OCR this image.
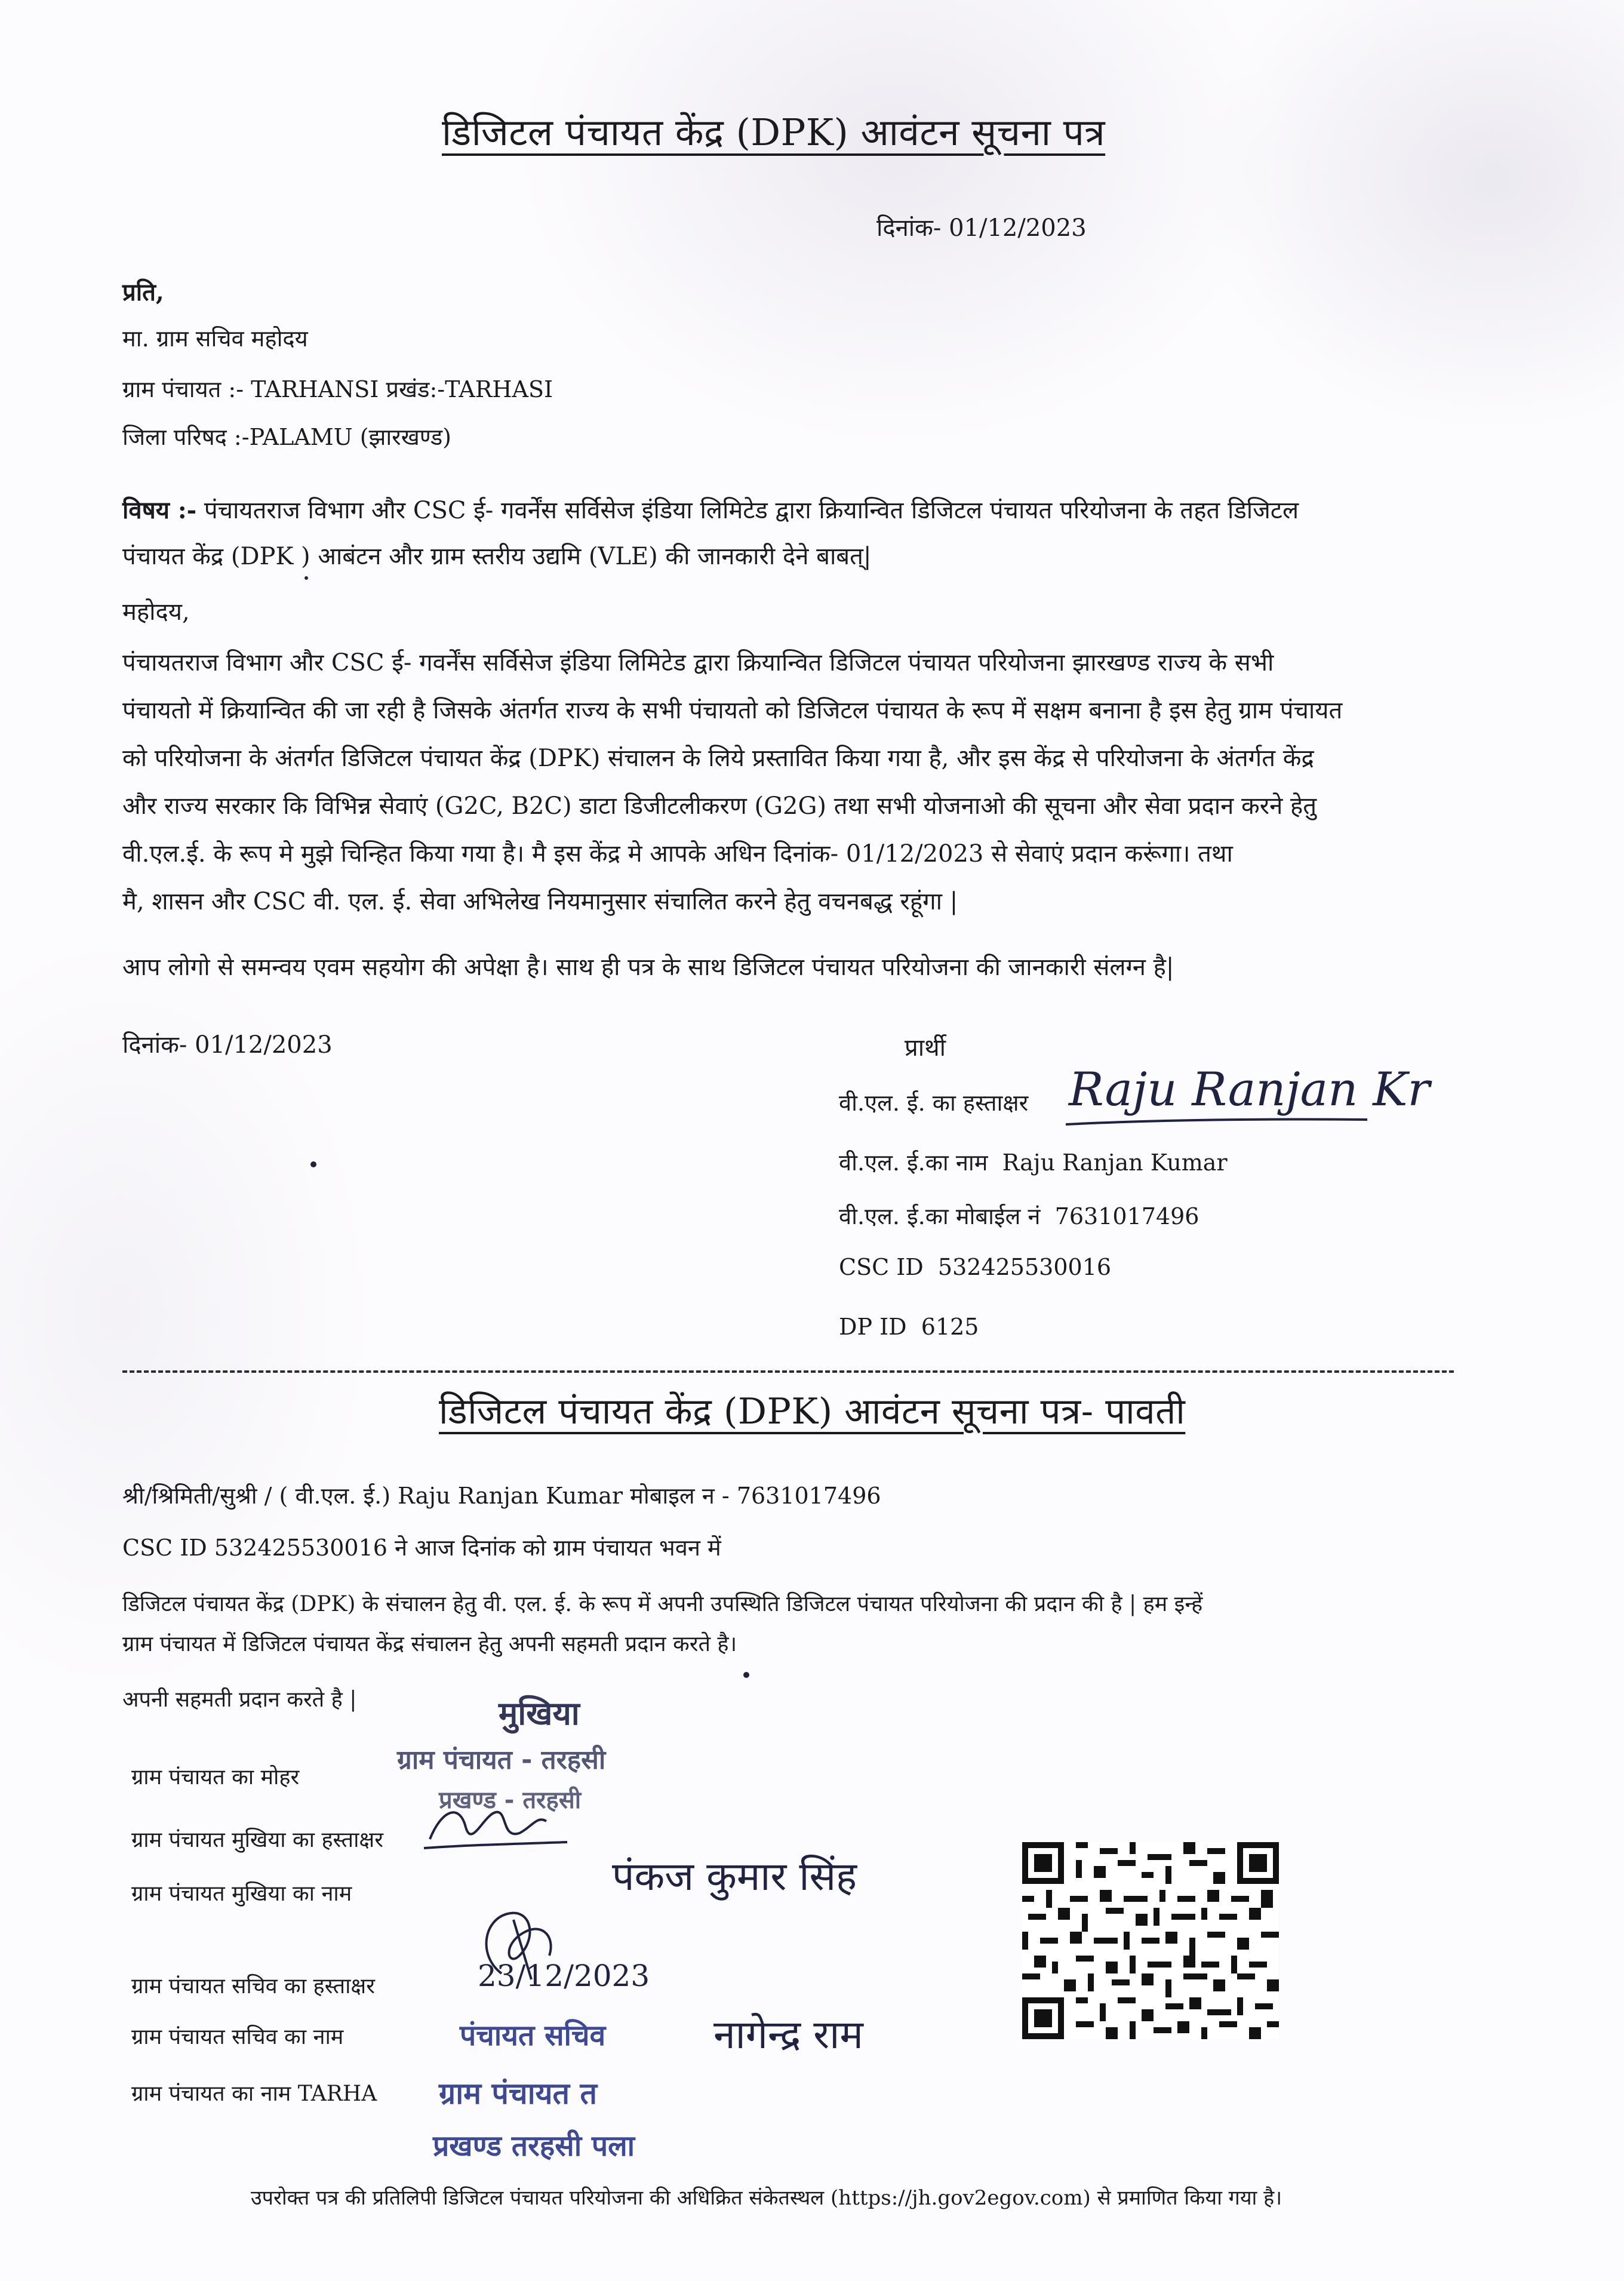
डिजिटल पंचायत केंद्र (DPK) आवंटन सूचना पत्र
दिनांक- 01/12/2023
प्रति,
मा. ग्राम सचिव महोदय
ग्राम पंचायत :- TARHANSI प्रखंड:-TARHASI
जिला परिषद :-PALAMU (झारखण्ड)
विषय :- पंचायतराज विभाग और CSC ई- गवर्नेंस सर्विसेज इंडिया लिमिटेड द्वारा क्रियान्वित डिजिटल पंचायत परियोजना के तहत डिजिटल
पंचायत केंद्र (DPK ) आबंटन और ग्राम स्तरीय उद्यमि (VLE) की जानकारी देने बाबत्|
महोदय,
पंचायतराज विभाग और CSC ई- गवर्नेंस सर्विसेज इंडिया लिमिटेड द्वारा क्रियान्वित डिजिटल पंचायत परियोजना झारखण्ड राज्य के सभी
पंचायतो में क्रियान्वित की जा रही है जिसके अंतर्गत राज्य के सभी पंचायतो को डिजिटल पंचायत के रूप में सक्षम बनाना है इस हेतु ग्राम पंचायत
को परियोजना के अंतर्गत डिजिटल पंचायत केंद्र (DPK) संचालन के लिये प्रस्तावित किया गया है, और इस केंद्र से परियोजना के अंतर्गत केंद्र
और राज्य सरकार कि विभिन्न सेवाएं (G2C, B2C) डाटा डिजीटलीकरण (G2G) तथा सभी योजनाओ की सूचना और सेवा प्रदान करने हेतु
वी.एल.ई. के रूप मे मुझे चिन्हित किया गया है। मै इस केंद्र मे आपके अधिन दिनांक- 01/12/2023 से सेवाएं प्रदान करूंगा। तथा
मै, शासन और CSC वी. एल. ई. सेवा अभिलेख नियमानुसार संचालित करने हेतु वचनबद्ध रहूंगा |
आप लोगो से समन्वय एवम सहयोग की अपेक्षा है। साथ ही पत्र के साथ डिजिटल पंचायत परियोजना की जानकारी संलग्न है|
दिनांक- 01/12/2023	प्रार्थी
वी.एल. ई. का हस्ताक्षर Raju Ranjan Kr
वी.एल. ई.का नाम Raju Ranjan Kumar
वी.एल. ई.का मोबाईल नं 7631017496
CSC ID 532425530016
DP ID 6125
डिजिटल पंचायत केंद्र (DPK) आवंटन सूचना पत्र- पावती
श्री/श्रिमिती/सुश्री / ( वी.एल. ई.) Raju Ranjan Kumar मोबाइल न - 7631017496
CSC ID 532425530016 ने आज दिनांक को ग्राम पंचायत भवन में
डिजिटल पंचायत केंद्र (DPK) के संचालन हेतु वी. एल. ई. के रूप में अपनी उपस्थिति डिजिटल पंचायत परियोजना की प्रदान की है | हम इन्हें
ग्राम पंचायत में डिजिटल पंचायत केंद्र संचालन हेतु अपनी सहमती प्रदान करते है।
अपनी सहमती प्रदान करते है |
ग्राम पंचायत का मोहर
ग्राम पंचायत मुखिया का हस्ताक्षर
ग्राम पंचायत मुखिया का नाम
ग्राम पंचायत सचिव का हस्ताक्षर
ग्राम पंचायत सचिव का नाम
ग्राम पंचायत का नाम TARHA
मुखिया
ग्राम पंचायत - तरहसी
प्रखण्ड - तरहसी
पंकज कुमार सिंह
23/12/2023
पंचायत सचिव	नागेन्द्र राम
ग्राम पंचायत त
प्रखण्ड तरहसी पला
उपरोक्त पत्र की प्रतिलिपी डिजिटल पंचायत परियोजना की अधिक्रित संकेतस्थल (https://jh.gov2egov.com) से प्रमाणित किया गया है।
